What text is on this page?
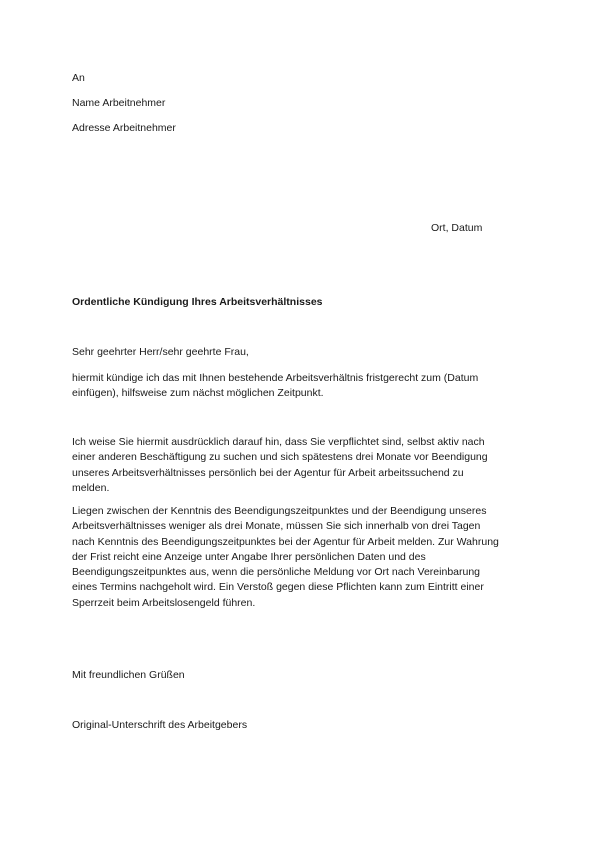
An
Name Arbeitnehmer
Adresse Arbeitnehmer
Ort, Datum
Ordentliche Kündigung Ihres Arbeitsverhältnisses
Sehr geehrter Herr/sehr geehrte Frau,
hiermit kündige ich das mit Ihnen bestehende Arbeitsverhältnis fristgerecht zum (Datum
einfügen), hilfsweise zum nächst möglichen Zeitpunkt.
Ich weise Sie hiermit ausdrücklich darauf hin, dass Sie verpflichtet sind, selbst aktiv nach
einer anderen Beschäftigung zu suchen und sich spätestens drei Monate vor Beendigung
unseres Arbeitsverhältnisses persönlich bei der Agentur für Arbeit arbeitssuchend zu
melden.
Liegen zwischen der Kenntnis des Beendigungszeitpunktes und der Beendigung unseres
Arbeitsverhältnisses weniger als drei Monate, müssen Sie sich innerhalb von drei Tagen
nach Kenntnis des Beendigungszeitpunktes bei der Agentur für Arbeit melden. Zur Wahrung
der Frist reicht eine Anzeige unter Angabe Ihrer persönlichen Daten und des
Beendigungszeitpunktes aus, wenn die persönliche Meldung vor Ort nach Vereinbarung
eines Termins nachgeholt wird. Ein Verstoß gegen diese Pflichten kann zum Eintritt einer
Sperrzeit beim Arbeitslosengeld führen.
Mit freundlichen Grüßen
Original-Unterschrift des Arbeitgebers
